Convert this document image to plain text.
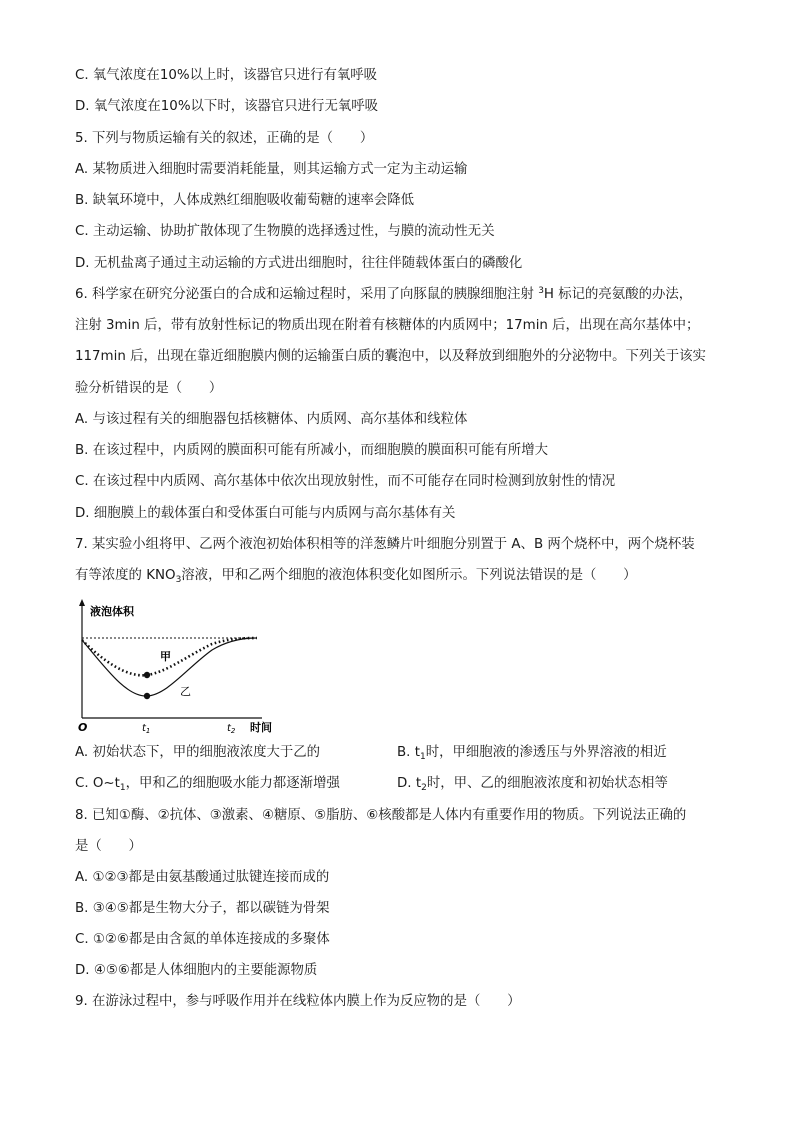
C. 氧气浓度在10%以上时，该器官只进行有氧呼吸
D. 氧气浓度在10%以下时，该器官只进行无氧呼吸
5. 下列与物质运输有关的叙述，正确的是（　　）
A. 某物质进入细胞时需要消耗能量，则其运输方式一定为主动运输
B. 缺氧环境中，人体成熟红细胞吸收葡萄糖的速率会降低
C. 主动运输、协助扩散体现了生物膜的选择透过性，与膜的流动性无关
D. 无机盐离子通过主动运输的方式进出细胞时，往往伴随载体蛋白的磷酸化
6. 科学家在研究分泌蛋白的合成和运输过程时，采用了向豚鼠的胰腺细胞注射 $^3$H 标记的亮氨酸的办法，
注射 3min 后，带有放射性标记的物质出现在附着有核糖体的内质网中；17min 后，出现在高尔基体中；
117min 后，出现在靠近细胞膜内侧的运输蛋白质的囊泡中，以及释放到细胞外的分泌物中。下列关于该实
验分析错误的是（　　）
A. 与该过程有关的细胞器包括核糖体、内质网、高尔基体和线粒体
B. 在该过程中，内质网的膜面积可能有所减小，而细胞膜的膜面积可能有所增大
C. 在该过程中内质网、高尔基体中依次出现放射性，而不可能存在同时检测到放射性的情况
D. 细胞膜上的载体蛋白和受体蛋白可能与内质网与高尔基体有关
7. 某实验小组将甲、乙两个液泡初始体积相等的洋葱鳞片叶细胞分别置于 A、B 两个烧杯中，两个烧杯装
有等浓度的 $KNO_3$溶液，甲和乙两个细胞的液泡体积变化如图所示。下列说法错误的是（　　）
液泡体积
甲
乙
O	$t_1$	$t_2$ 时间
A. 初始状态下，甲的细胞液浓度大于乙的	B. $t_1$时，甲细胞液的渗透压与外界溶液的相近
C. $O\sim t_1$，甲和乙的细胞吸水能力都逐渐增强	D. $t_2$时，甲、乙的细胞液浓度和初始状态相等
8. 已知①酶、②抗体、③激素、④糖原、⑤脂肪、⑥核酸都是人体内有重要作用的物质。下列说法正确的
是（　　）
A. ①②③都是由氨基酸通过肽键连接而成的
B. ③④⑤都是生物大分子，都以碳链为骨架
C. ①②⑥都是由含氮的单体连接成的多聚体
D. ④⑤⑥都是人体细胞内的主要能源物质
9. 在游泳过程中，参与呼吸作用并在线粒体内膜上作为反应物的是（　　）
